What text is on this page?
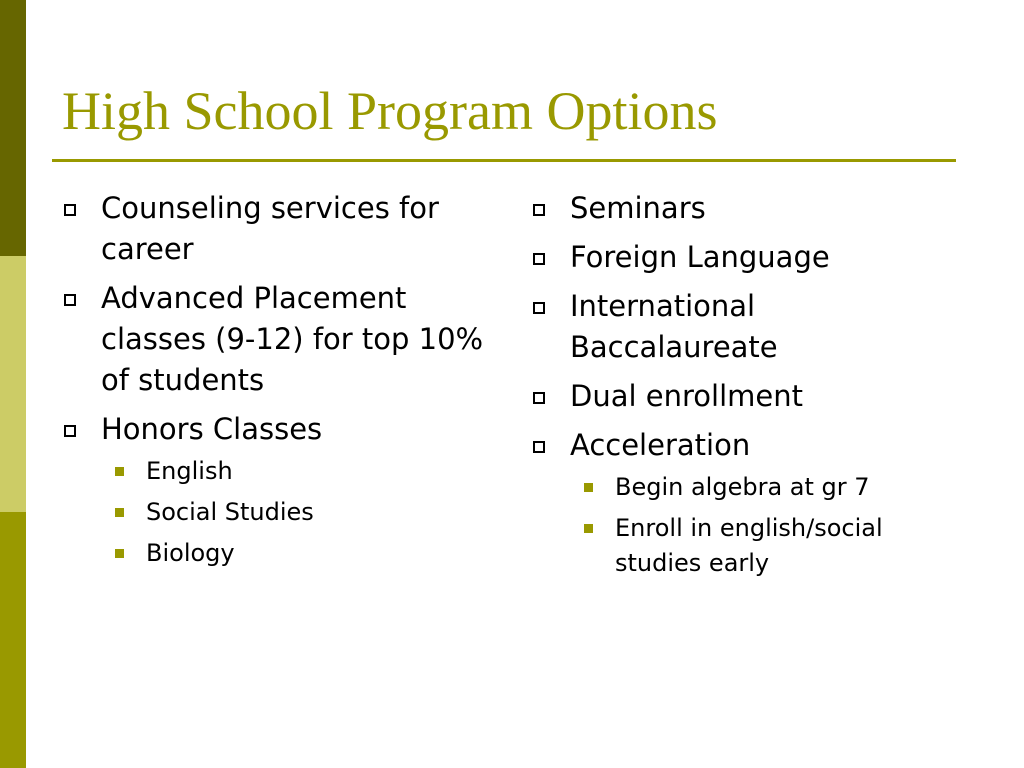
High School Program Options
Counseling services for career
Advanced Placement classes (9-12) for top 10% of students
Honors Classes
English
Social Studies
Biology
Seminars
Foreign Language
International Baccalaureate
Dual enrollment
Acceleration
Begin algebra at gr 7
Enroll in english/social studies early
